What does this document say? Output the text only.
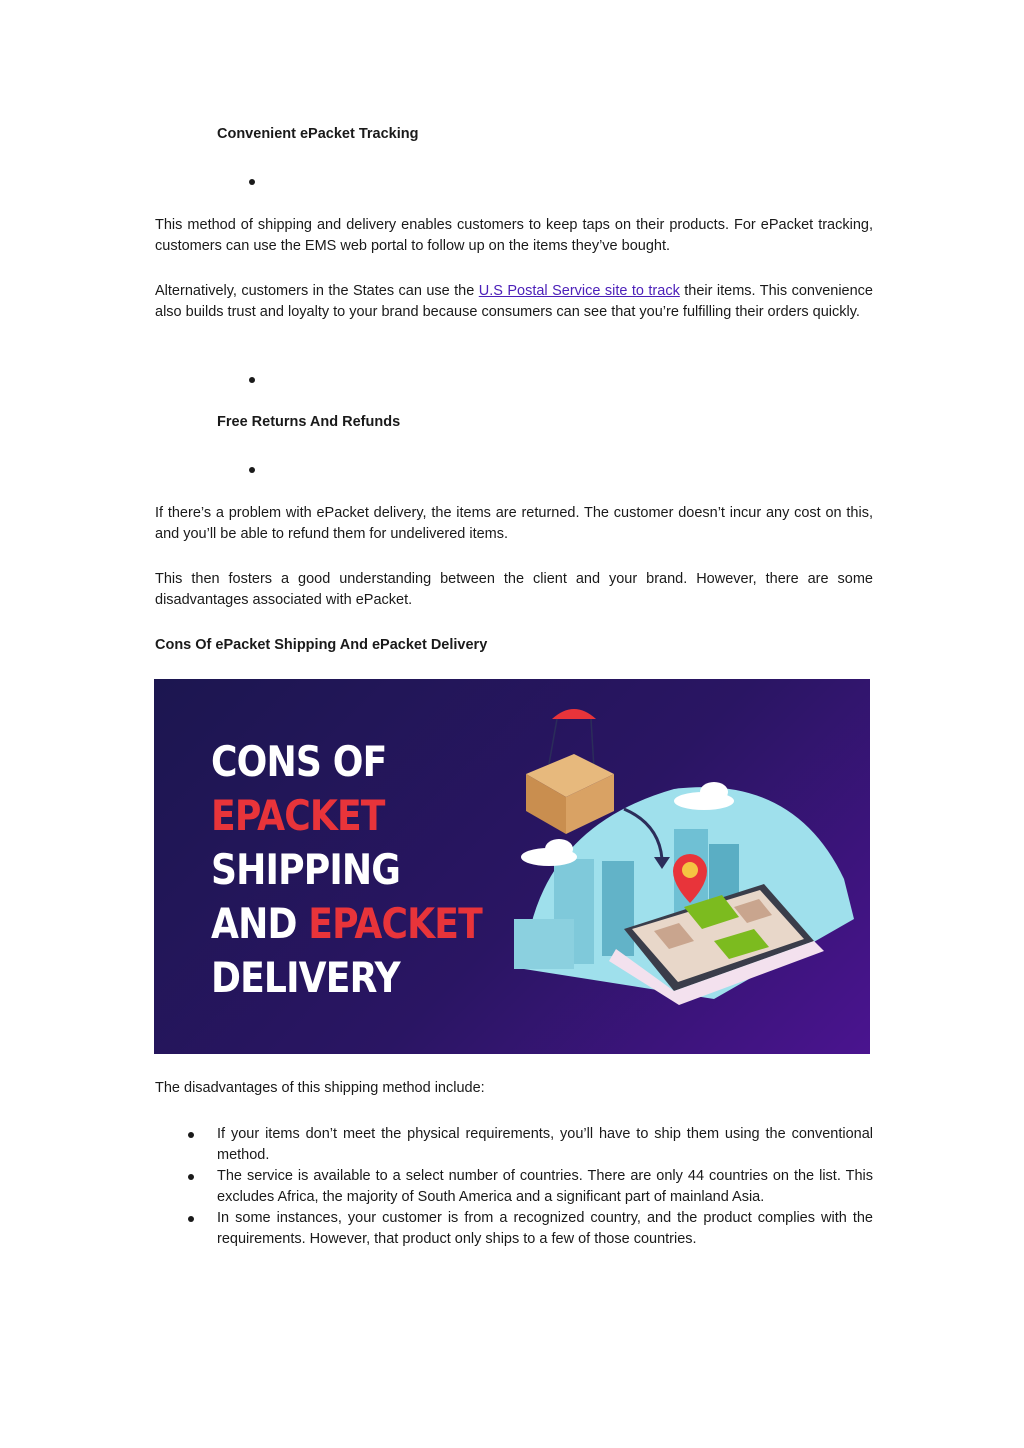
Convenient ePacket Tracking

This method of shipping and delivery enables customers to keep taps on their products. For ePacket tracking, customers can use the EMS web portal to follow up on the items they’ve bought.

Alternatively, customers in the States can use the U.S Postal Service site to track their items. This convenience also builds trust and loyalty to your brand because consumers can see that you’re fulfilling their orders quickly.

Free Returns And Refunds

If there’s a problem with ePacket delivery, the items are returned. The customer doesn’t incur any cost on this, and you’ll be able to refund them for undelivered items.

This then fosters a good understanding between the client and your brand. However, there are some disadvantages associated with ePacket.

Cons Of ePacket Shipping And ePacket Delivery
CONS OF
EPACKET
SHIPPING
AND EPACKET
DELIVERY

The disadvantages of this shipping method include:

If your items don’t meet the physical requirements, you’ll have to ship them using the conventional method.
The service is available to a select number of countries. There are only 44 countries on the list. This excludes Africa, the majority of South America and a significant part of mainland Asia.
In some instances, your customer is from a recognized country, and the product complies with the requirements. However, that product only ships to a few of those countries.
